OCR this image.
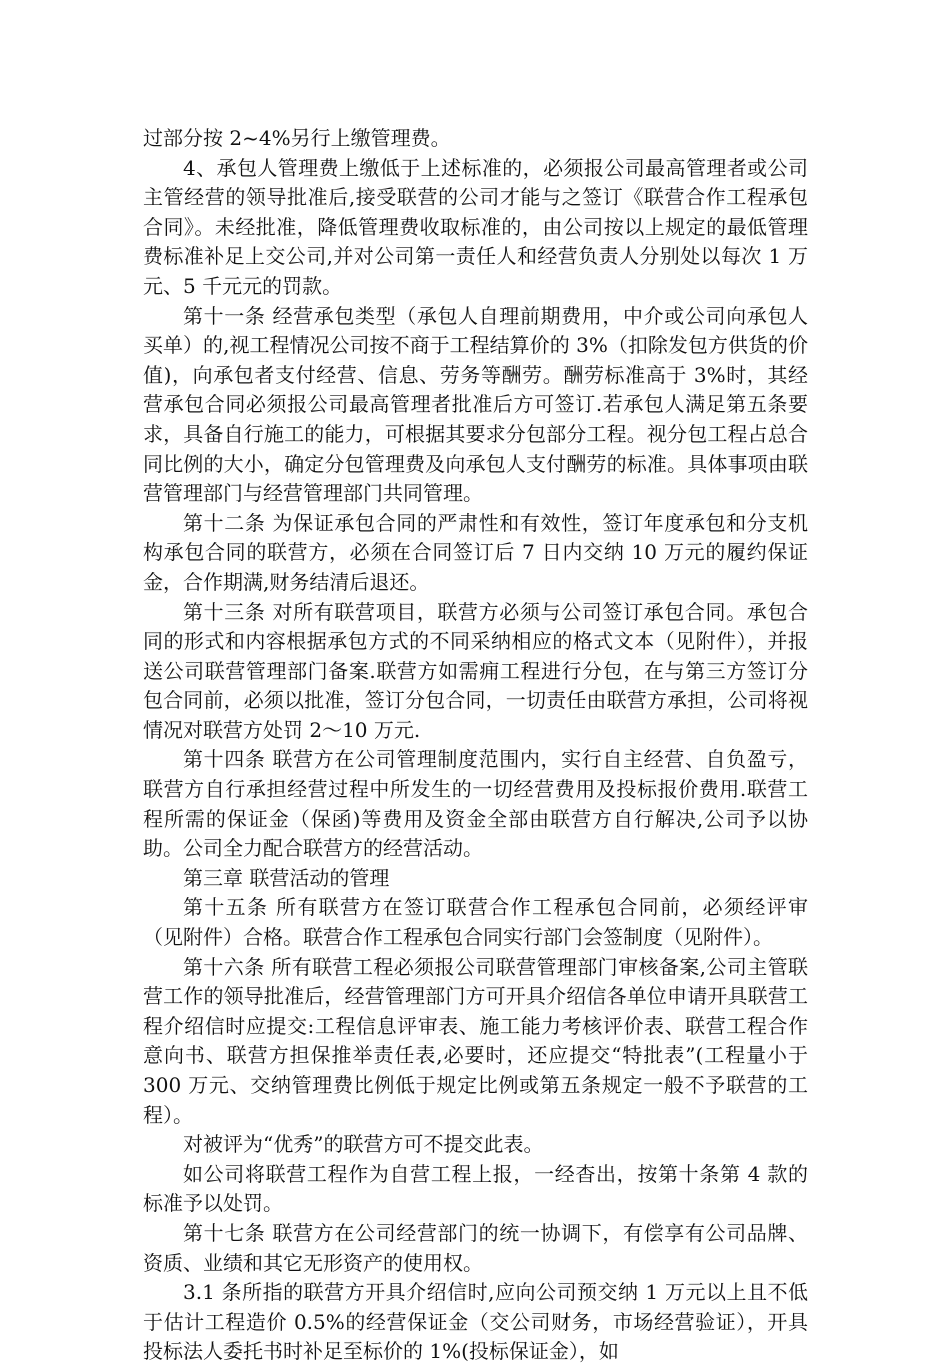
过部分按 2~4%另行上缴管理费。

4、承包人管理费上缴低于上述标准的，必须报公司最高管理者或公司主管经营的领导批准后,接受联营的公司才能与之签订《联营合作工程承包合同》。未经批准，降低管理费收取标准的，由公司按以上规定的最低管理费标准补足上交公司,并对公司第一责任人和经营负责人分别处以每次 1 万元、5 千元元的罚款。

第十一条 经营承包类型（承包人自理前期费用，中介或公司向承包人买单）的,视工程情况公司按不商于工程结算价的 3%（扣除发包方供货的价值)，向承包者支付经营、信息、劳务等酬劳。酬劳标准高于 3%时，其经营承包合同必须报公司最高管理者批准后方可签订.若承包人满足第五条要求，具备自行施工的能力，可根据其要求分包部分工程。视分包工程占总合同比例的大小，确定分包管理费及向承包人支付酬劳的标准。具体事项由联营管理部门与经营管理部门共同管理。

第十二条 为保证承包合同的严肃性和有效性，签订年度承包和分支机构承包合同的联营方，必须在合同签订后 7 日内交纳 10 万元的履约保证金，合作期满,财务结清后退还。

第十三条 对所有联营项目，联营方必须与公司签订承包合同。承包合同的形式和内容根据承包方式的不同采纳相应的格式文本（见附件），并报送公司联营管理部门备案.联营方如需痈工程进行分包，在与第三方签订分包合同前，必须以批准，签订分包合同，一切责任由联营方承担，公司将视情况对联营方处罚 2～10 万元.

第十四条 联营方在公司管理制度范围内，实行自主经营、自负盈亏，联营方自行承担经营过程中所发生的一切经营费用及投标报价费用.联营工程所需的保证金（保函)等费用及资金全部由联营方自行解决,公司予以协助。公司全力配合联营方的经营活动。

第三章 联营活动的管理

第十五条 所有联营方在签订联营合作工程承包合同前，必须经评审（见附件）合格。联营合作工程承包合同实行部门会签制度（见附件）。

第十六条 所有联营工程必须报公司联营管理部门审核备案,公司主管联营工作的领导批准后，经营管理部门方可开具介绍信各单位申请开具联营工程介绍信时应提交:工程信息评审表、施工能力考核评价表、联营工程合作意向书、联营方担保推举责任表,必要时，还应提交“特批表”(工程量小于 300 万元、交纳管理费比例低于规定比例或第五条规定一般不予联营的工程）。

对被评为“优秀”的联营方可不提交此表。

如公司将联营工程作为自营工程上报，一经杳出，按第十条第 4 款的标准予以处罚。

第十七条 联营方在公司经营部门的统一协调下，有偿享有公司品牌、资质、业绩和其它无形资产的使用权。

3.1 条所指的联营方开具介绍信时,应向公司预交纳 1 万元以上且不低于估计工程造价 0.5%的经营保证金（交公司财务，市场经营验证），开具投标法人委托书时补足至标价的 1%(投标保证金），如
